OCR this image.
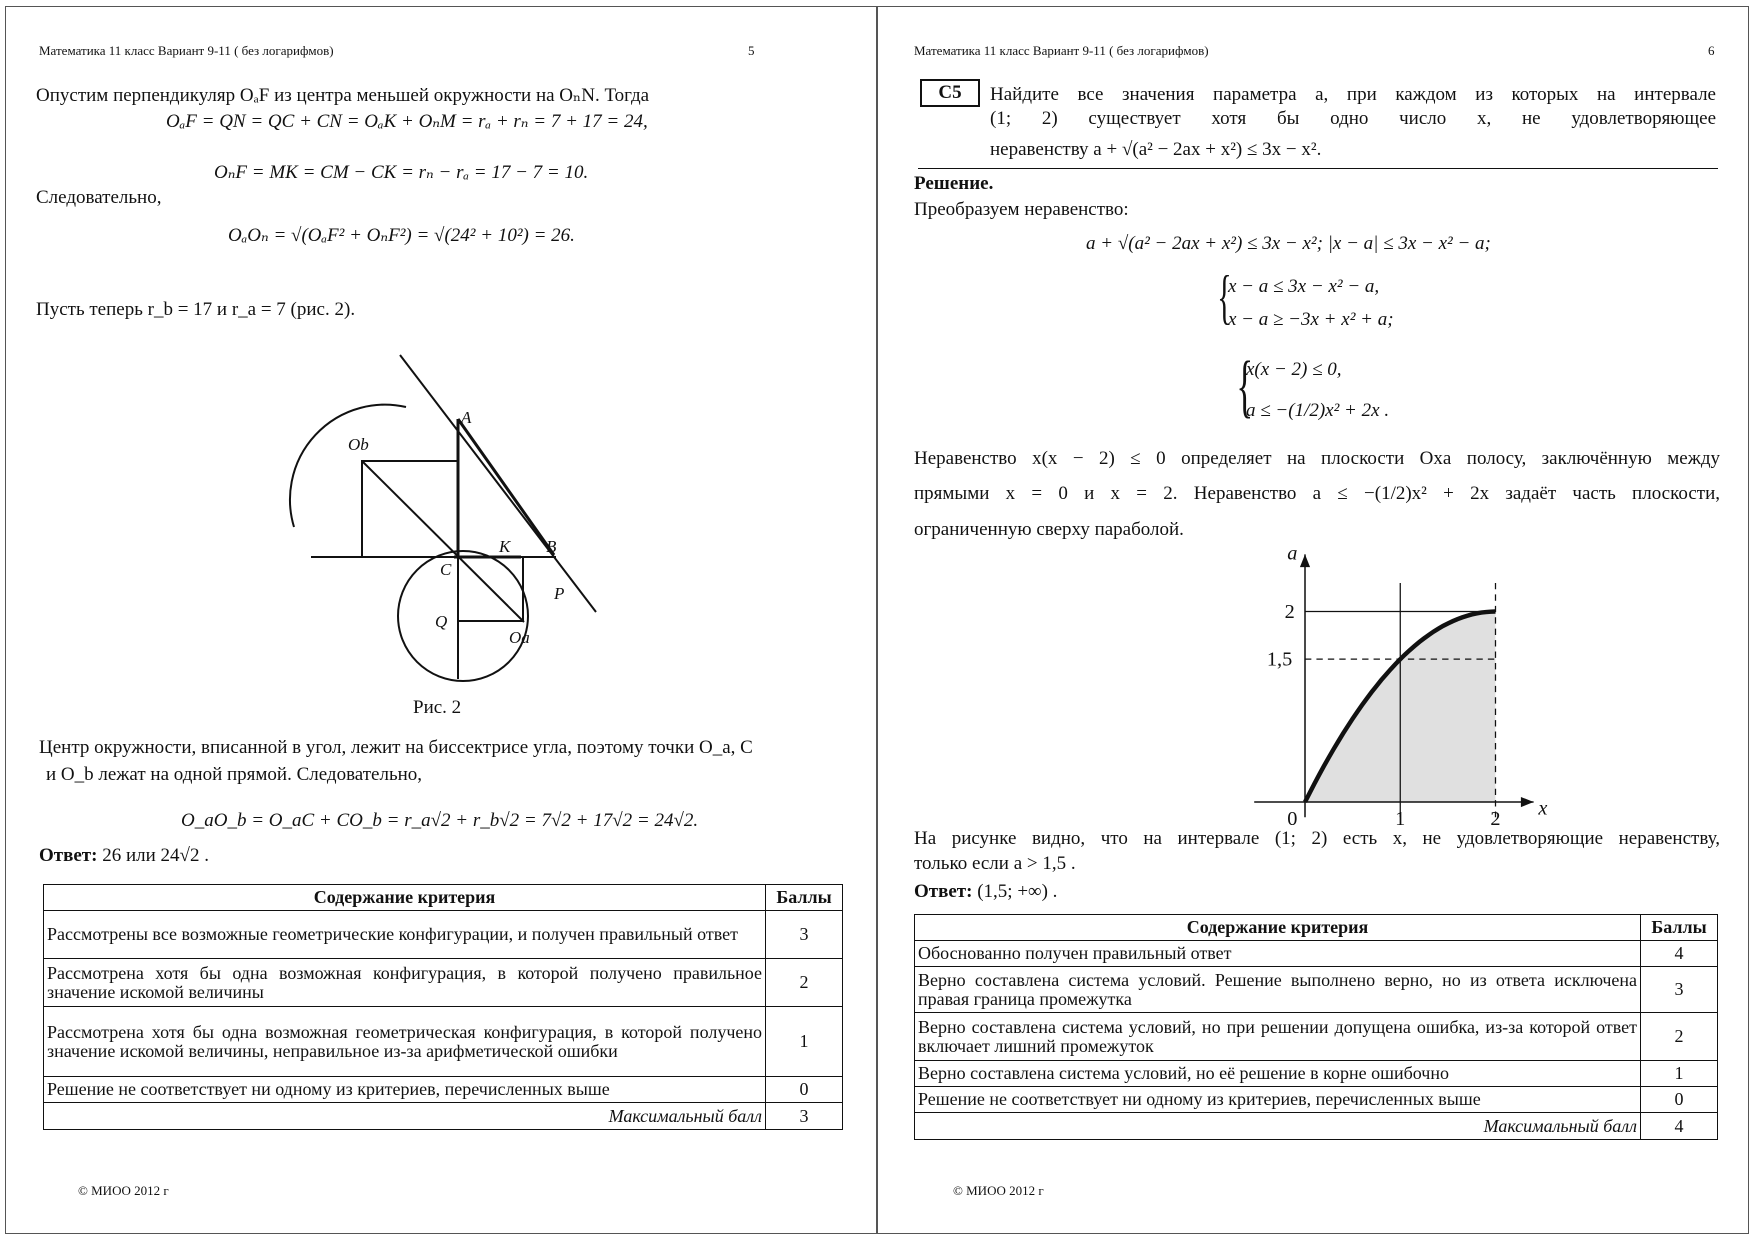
Математика 11 класс Вариант 9-11 ( без логарифмов)	5
Опустим перпендикуляр OₐF из центра меньшей окружности на OₙN. Тогда
OₐF = QN = QC + CN = OₐK + OₙM = rₐ + rₙ = 7 + 17 = 24,
OₙF = MK = CM − CK = rₙ − rₐ = 17 − 7 = 10.
Следовательно,
OₐOₙ = √(OₐF² + OₙF²) = √(24² + 10²) = 26.
Пусть теперь r_b = 17 и r_a = 7 (рис. 2).
A
Ob
C
K B
P
Q
Oa
Рис. 2
Центр окружности, вписанной в угол, лежит на биссектрисе угла, поэтому точки O_a, C
и O_b лежат на одной прямой. Следовательно,
O_aO_b = O_aC + CO_b = r_a√2 + r_b√2 = 7√2 + 17√2 = 24√2.
Ответ: 26 или 24√2 .
Содержание критерия	Баллы
Рассмотрены все возможные геометрические конфигурации, и получен правильный ответ	3
Рассмотрена хотя бы одна возможная конфигурация, в которой получено правильное значение искомой величины	2
Рассмотрена хотя бы одна возможная геометрическая конфигурация, в которой получено значение искомой величины, неправильное из-за арифметической ошибки	1
Решение не соответствует ни одному из критериев, перечисленных выше	0
Максимальный балл	3
© МИОО 2012 г
Математика 11 класс Вариант 9-11 ( без логарифмов)	6
С5	Найдите все значения параметра a, при каждом из которых на интервале
(1; 2) существует хотя бы одно число x, не удовлетворяющее
неравенству a + √(a² − 2ax + x²) ≤ 3x − x².
Решение.
Преобразуем неравенство:
a + √(a² − 2ax + x²) ≤ 3x − x²; |x − a| ≤ 3x − x² − a;
{
x − a ≤ 3x − x² − a,
x − a ≥ −3x + x² + a;
{
x(x − 2) ≤ 0,
a ≤ −(1/2)x² + 2x .
Неравенство x(x − 2) ≤ 0 определяет на плоскости Oxa полосу, заключённую между
прямыми x = 0 и x = 2. Неравенство a ≤ −(1/2)x² + 2x задаёт часть плоскости,
ограниченную сверху параболой.
0	1	2
1,5
2
x
a
На рисунке видно, что на интервале (1; 2) есть x, не удовлетворяющие неравенству,
только если a > 1,5 .
Ответ: (1,5; +∞) .
Содержание критерия	Баллы
Обоснованно получен правильный ответ	4
Верно составлена система условий. Решение выполнено верно, но из ответа исключена правая граница промежутка	3
Верно составлена система условий, но при решении допущена ошибка, из-за которой ответ включает лишний промежуток	2
Верно составлена система условий, но её решение в корне ошибочно	1
Решение не соответствует ни одному из критериев, перечисленных выше	0
Максимальный балл	4
© МИОО 2012 г
